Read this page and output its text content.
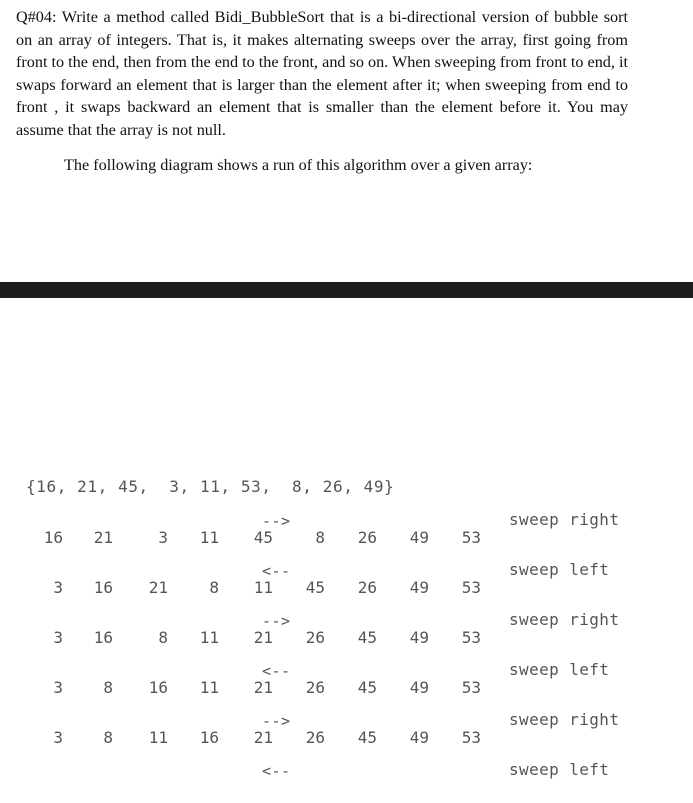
Q#04: Write a method called Bidi_BubbleSort that is a bi-directional version of bubble sort on an array of integers. That is, it makes alternating sweeps over the array, first going from front to the end, then from the end to the front, and so on. When sweeping from front to end, it swaps forward an element that is larger than the element after it; when sweeping from end to front , it swaps backward an element that is smaller than the element before it. You may assume that the array is not null.

The following diagram shows a run of this algorithm over a given array:

{16, 21, 45,  3, 11, 53,  8, 26, 49}
16	21	3	11	45	8	26	49	53
-->	sweep right
3	16	21	8	11	45	26	49	53
<--	sweep left
3	16	8	11	21	26	45	49	53
-->	sweep right
3	8	16	11	21	26	45	49	53
<--	sweep left
3	8	11	16	21	26	45	49	53
-->	sweep right
<--	sweep left
